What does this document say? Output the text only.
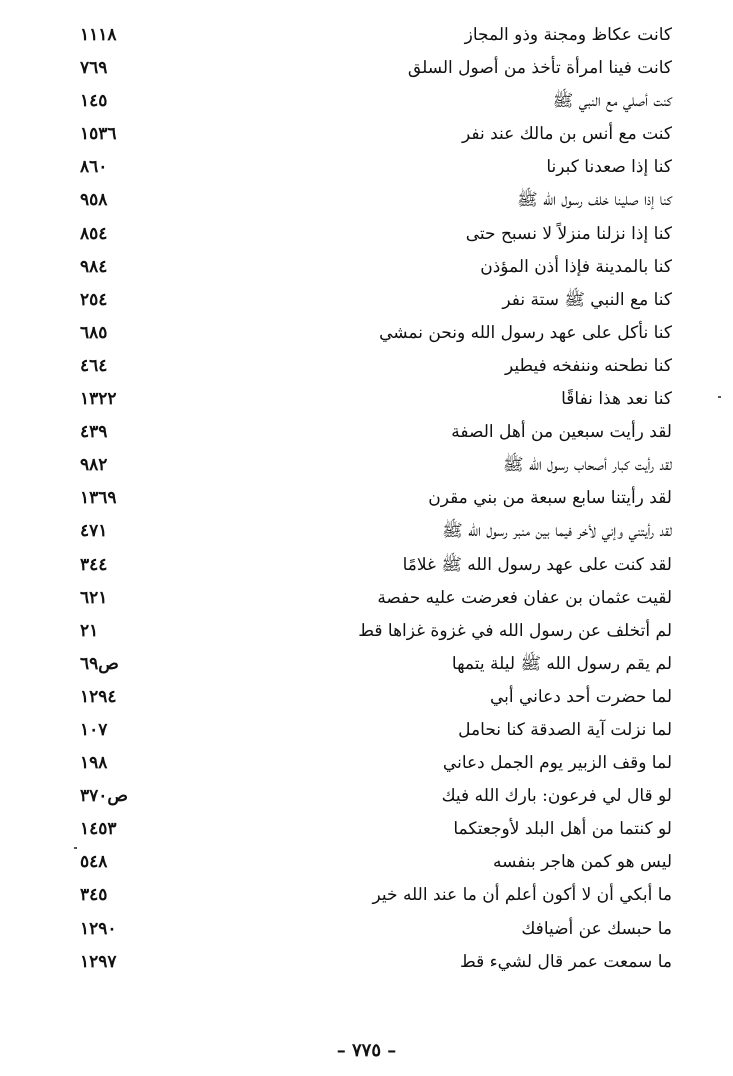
كانت عكاظ ومجنة وذو المجاز
١١١٨
كانت فينا امرأة تأخذ من أصول السلق
٧٦٩
كنت أصلي مع النبي ﷺ
١٤٥
كنت مع أنس بن مالك عند نفر
١٥٣٦
كنا إذا صعدنا كبرنا
٨٦٠
كنا إذا صلينا خلف رسول الله ﷺ
٩٥٨
كنا إذا نزلنا منزلاً لا نسبح حتى
٨٥٤
كنا بالمدينة فإذا أذن المؤذن
٩٨٤
كنا مع النبي ﷺ ستة نفر
٢٥٤
كنا نأكل على عهد رسول الله ونحن نمشي
٦٨٥
كنا نطحنه وننفخه فيطير
٤٦٤
كنا نعد هذا نفاقًا
١٣٢٢
لقد رأيت سبعين من أهل الصفة
٤٣٩
لقد رأيت كبار أصحاب رسول الله ﷺ
٩٨٢
لقد رأيتنا سابع سبعة من بني مقرن
١٣٦٩
لقد رأيتني وإني لأخر فيما بين منبر رسول الله ﷺ
٤٧١
لقد كنت على عهد رسول الله ﷺ غلامًا
٣٤٤
لقيت عثمان بن عفان فعرضت عليه حفصة
٦٢١
لم أتخلف عن رسول الله في غزوة غزاها قط
٢١
لم يقم رسول الله ﷺ ليلة يتمها
ص٦٩
لما حضرت أحد دعاني أبي
١٢٩٤
لما نزلت آية الصدقة كنا نحامل
١٠٧
لما وقف الزبير يوم الجمل دعاني
١٩٨
لو قال لي فرعون: بارك الله فيك
ص٣٧٠
لو كنتما من أهل البلد لأوجعتكما
١٤٥٣
ليس هو كمن هاجر بنفسه
٥٤٨
ما أبكي أن لا أكون أعلم أن ما عند الله خير
٣٤٥
ما حبسك عن أضيافك
١٢٩٠
ما سمعت عمر قال لشيء قط
١٢٩٧
– ٧٧٥ –
